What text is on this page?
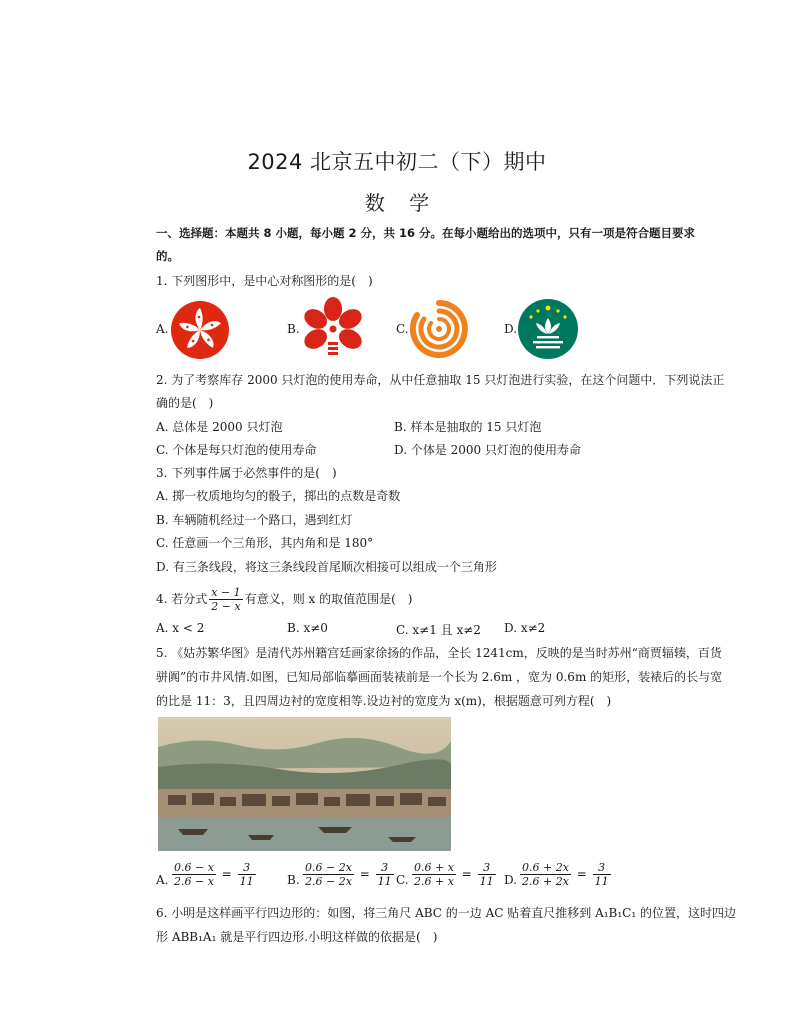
2024 北京五中初二（下）期中
数 学
一、选择题：本题共 8 小题，每小题 2 分，共 16 分。在每小题给出的选项中，只有一项是符合题目要求
的。
1. 下列图形中，是中心对称图形的是(　)
A.	B.	C.	D.
2. 为了考察库存 2000 只灯泡的使用寿命，从中任意抽取 15 只灯泡进行实验，在这个问题中．下列说法正
确的是(　)
A. 总体是 2000 只灯泡	B. 样本是抽取的 15 只灯泡
C. 个体是每只灯泡的使用寿命	D. 个体是 2000 只灯泡的使用寿命
3. 下列事件属于必然事件的是(　)
A. 掷一枚质地均匀的骰子，掷出的点数是奇数
B. 车辆随机经过一个路口，遇到红灯
C. 任意画一个三角形，其内角和是 180°
D. 有三条线段，将这三条线段首尾顺次相接可以组成一个三角形
4. 若分式 $\frac{x - 1}{2 - x}$ 有意义，则 x 的取值范围是(　)
A. x < 2	B. x≠0	C. x≠1 且 x≠2 D. x≠2
5. 《姑苏繁华图》是清代苏州籍宫廷画家徐扬的作品，全长 1241cm，反映的是当时苏州“商贾辐辏，百货
骈阗”的市井风情.如图，已知局部临摹画面装裱前是一个长为 2.6m ，宽为 0.6m 的矩形，装裱后的长与宽
的比是 11：3，且四周边衬的宽度相等.设边衬的宽度为 x(m)，根据题意可列方程(　)
A. $\frac{0.6 - x}{2.6 - x} = \frac{3}{11}$	B. $\frac{0.6 - 2x}{2.6 - 2x} = \frac{3}{11} C$. $\frac{0.6 + x}{2.6 + x} = \frac{3}{11} D$. $\frac{0.6 + 2x}{2.6 + 2x} = \frac{3}{11}$
6. 小明是这样画平行四边形的：如图，将三角尺 ABC 的一边 AC 贴着直尺推移到 A₁B₁C₁ 的位置，这时四边
形 ABB₁A₁ 就是平行四边形.小明这样做的依据是(　)
